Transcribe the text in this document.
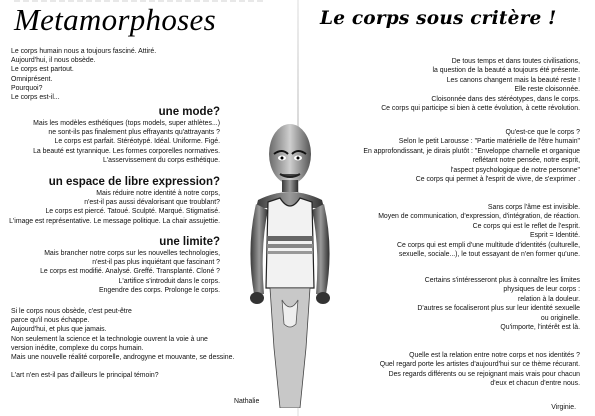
Metamorphoses
Le corps humain nous a toujours fasciné. Attiré.
Aujourd'hui, il nous obsède.
Le corps est partout.
Omniprésent.
Pourquoi?
Le corps est-il...
une mode?
Mais les modèles esthétiques (tops models, super athlètes...)
ne sont-ils pas finalement plus effrayants qu'attrayants ?
Le corps est parfait. Stéréotypé. Idéal. Uniforme. Figé.
La beauté est tyrannique. Les formes corporelles normatives.
L'asservissement du corps esthétique.
un espace de libre expression?
Mais réduire notre identité à notre corps,
n'est-il pas aussi dévalorisant que troublant?
Le corps est piercé. Tatoué. Sculpté. Marqué. Stigmatisé.
L'image est représentative. Le message politique. La chair assujettie.
une limite?
Mais brancher notre corps sur les nouvelles technologies,
n'est-il pas plus inquiétant que fascinant ?
Le corps est modifié. Analysé. Greffé. Transplanté. Cloné ?
L'artifice s'introduit dans le corps.
Engendre des corps. Prolonge le corps.
Si le corps nous obsède, c'est peut-être
parce qu'il nous échappe.
Aujourd'hui, et plus que jamais.
Non seulement la science et la technologie ouvrent la voie à une
version inédite, complexe du corps humain.
Mais une nouvelle réalité corporelle, androgyne et mouvante, se dessine.
L'art n'en est-il pas d'ailleurs le principal témoin?
Nathalie
Le corps sous critère !
De tous temps et dans toutes civilisations,
la question de la beauté a toujours été présente.
Les canons changent mais la beauté reste !
Elle reste cloisonnée.
Cloisonnée dans des stéréotypes, dans le corps.
Ce corps qui participe si bien à cette évolution, à cette révolution.
Qu'est-ce que le corps ?
Selon le petit Larousse : "Partie matérielle de l'être humain"
En approfondissant, je dirais plutôt : "Enveloppe charnelle et organique
reflétant notre pensée, notre esprit,
l'aspect psychologique de notre personne"
Ce corps qui permet à l'esprit de vivre, de s'exprimer .
Sans corps l'âme est invisible.
Moyen de communication, d'expression, d'intégration, de réaction.
Ce corps qui est le reflet de l'esprit.
Esprit = Identité.
Ce corps qui est empli d'une multitude d'identités (culturelle,
sexuelle, sociale...), le tout essayant de n'en former qu'une.
Certains s'intéresseront plus à connaître les limites
physiques de leur corps :
relation à la douleur.
D'autres se focaliseront plus sur leur identité sexuelle
ou originelle.
Qu'importe, l'intérêt est là.
Quelle est la relation entre notre corps et nos identités ?
Quel regard porte les artistes d'aujourd'hui sur ce thème récurant.
Des regards différents ou se rejoignant mais vrais pour chacun
d'eux et chacun d'entre nous.
Virginie.
